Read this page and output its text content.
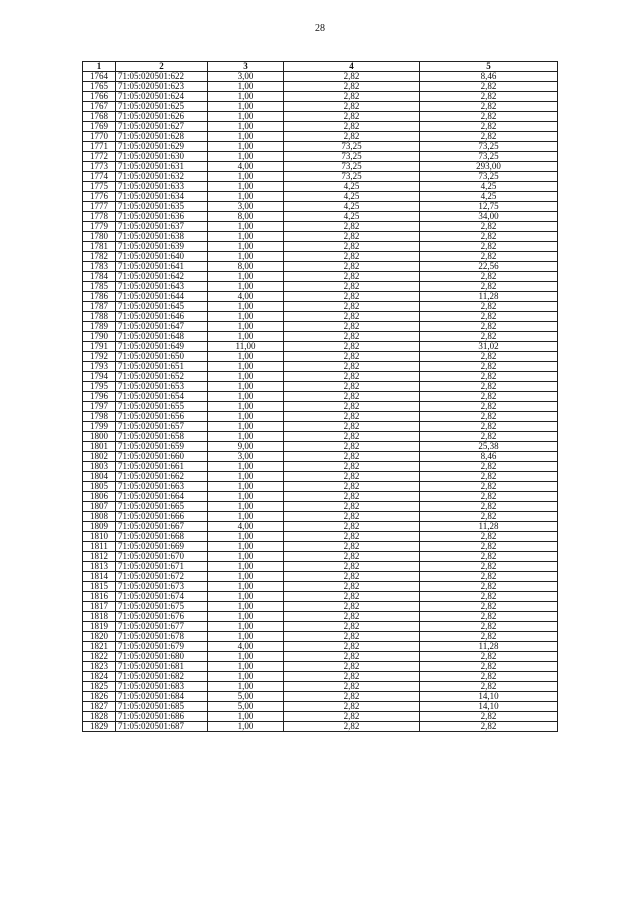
28
1	2	3	4	5
1764	71:05:020501:622	3,00	2,82	8,46
1765	71:05:020501:623	1,00	2,82	2,82
1766	71:05:020501:624	1,00	2,82	2,82
1767	71:05:020501:625	1,00	2,82	2,82
1768	71:05:020501:626	1,00	2,82	2,82
1769	71:05:020501:627	1,00	2,82	2,82
1770	71:05:020501:628	1,00	2,82	2,82
1771	71:05:020501:629	1,00	73,25	73,25
1772	71:05:020501:630	1,00	73,25	73,25
1773	71:05:020501:631	4,00	73,25	293,00
1774	71:05:020501:632	1,00	73,25	73,25
1775	71:05:020501:633	1,00	4,25	4,25
1776	71:05:020501:634	1,00	4,25	4,25
1777	71:05:020501:635	3,00	4,25	12,75
1778	71:05:020501:636	8,00	4,25	34,00
1779	71:05:020501:637	1,00	2,82	2,82
1780	71:05:020501:638	1,00	2,82	2,82
1781	71:05:020501:639	1,00	2,82	2,82
1782	71:05:020501:640	1,00	2,82	2,82
1783	71:05:020501:641	8,00	2,82	22,56
1784	71:05:020501:642	1,00	2,82	2,82
1785	71:05:020501:643	1,00	2,82	2,82
1786	71:05:020501:644	4,00	2,82	11,28
1787	71:05:020501:645	1,00	2,82	2,82
1788	71:05:020501:646	1,00	2,82	2,82
1789	71:05:020501:647	1,00	2,82	2,82
1790	71:05:020501:648	1,00	2,82	2,82
1791	71:05:020501:649	11,00	2,82	31,02
1792	71:05:020501:650	1,00	2,82	2,82
1793	71:05:020501:651	1,00	2,82	2,82
1794	71:05:020501:652	1,00	2,82	2,82
1795	71:05:020501:653	1,00	2,82	2,82
1796	71:05:020501:654	1,00	2,82	2,82
1797	71:05:020501:655	1,00	2,82	2,82
1798	71:05:020501:656	1,00	2,82	2,82
1799	71:05:020501:657	1,00	2,82	2,82
1800	71:05:020501:658	1,00	2,82	2,82
1801	71:05:020501:659	9,00	2,82	25,38
1802	71:05:020501:660	3,00	2,82	8,46
1803	71:05:020501:661	1,00	2,82	2,82
1804	71:05:020501:662	1,00	2,82	2,82
1805	71:05:020501:663	1,00	2,82	2,82
1806	71:05:020501:664	1,00	2,82	2,82
1807	71:05:020501:665	1,00	2,82	2,82
1808	71:05:020501:666	1,00	2,82	2,82
1809	71:05:020501:667	4,00	2,82	11,28
1810	71:05:020501:668	1,00	2,82	2,82
1811	71:05:020501:669	1,00	2,82	2,82
1812	71:05:020501:670	1,00	2,82	2,82
1813	71:05:020501:671	1,00	2,82	2,82
1814	71:05:020501:672	1,00	2,82	2,82
1815	71:05:020501:673	1,00	2,82	2,82
1816	71:05:020501:674	1,00	2,82	2,82
1817	71:05:020501:675	1,00	2,82	2,82
1818	71:05:020501:676	1,00	2,82	2,82
1819	71:05:020501:677	1,00	2,82	2,82
1820	71:05:020501:678	1,00	2,82	2,82
1821	71:05:020501:679	4,00	2,82	11,28
1822	71:05:020501:680	1,00	2,82	2,82
1823	71:05:020501:681	1,00	2,82	2,82
1824	71:05:020501:682	1,00	2,82	2,82
1825	71:05:020501:683	1,00	2,82	2,82
1826	71:05:020501:684	5,00	2,82	14,10
1827	71:05:020501:685	5,00	2,82	14,10
1828	71:05:020501:686	1,00	2,82	2,82
1829	71:05:020501:687	1,00	2,82	2,82
